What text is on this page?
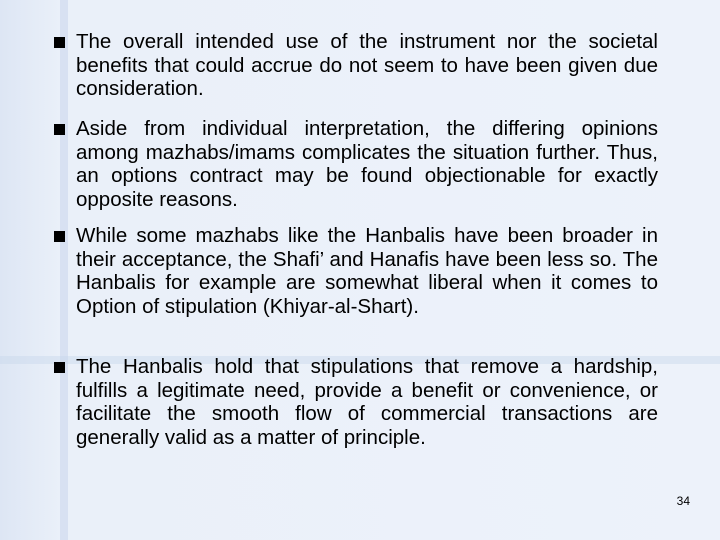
The overall intended use of the instrument nor the societal benefits that could accrue do not seem to have been given due consideration.
Aside from individual interpretation, the differing opinions among mazhabs/imams complicates the situation further. Thus, an options contract may be found objectionable for exactly opposite reasons.
While some mazhabs like the Hanbalis have been broader in their acceptance, the Shafi’ and Hanafis have been less so. The Hanbalis for example are somewhat liberal when it comes to Option of stipulation (Khiyar-al-Shart).
The Hanbalis hold that stipulations that remove a hardship, fulfills a legitimate need, provide a benefit or convenience, or facilitate the smooth flow of commercial transactions are generally valid as a matter of principle.
34
